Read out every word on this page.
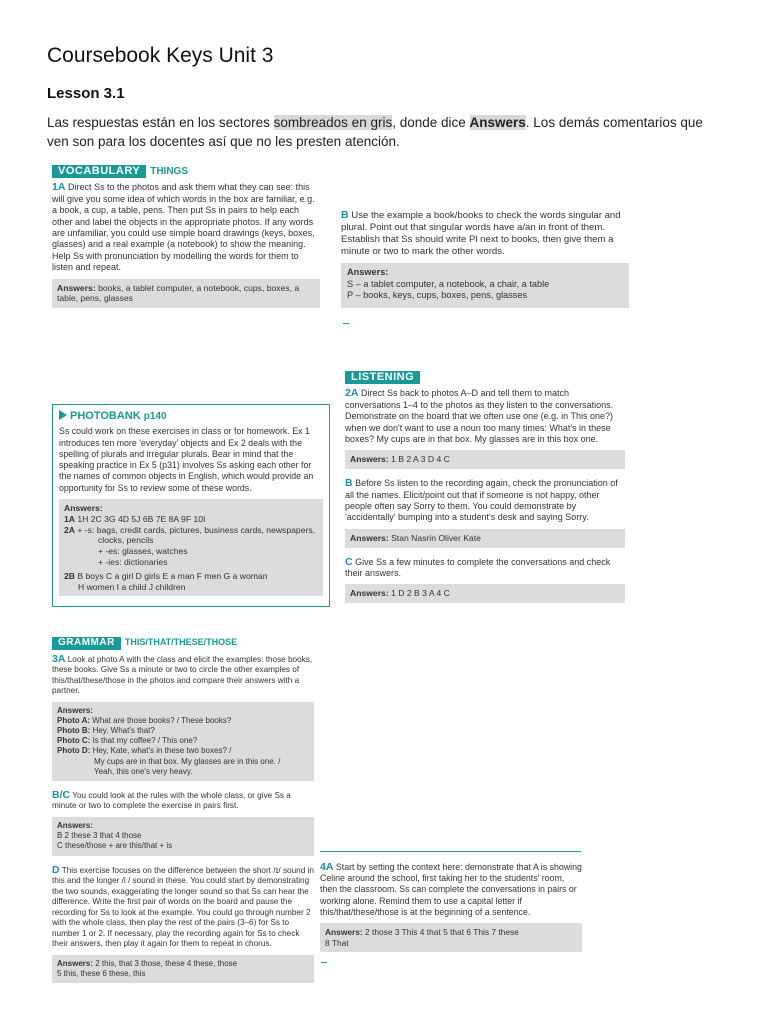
Coursebook Keys Unit 3
Lesson 3.1
Las respuestas están en los sectores sombreados en gris, donde dice Answers. Los demás comentarios que ven son para los docentes así que no les presten atención.
VOCABULARY THINGS
1A Direct Ss to the photos and ask them what they can see: this will give you some idea of which words in the box are familiar, e.g. a book, a cup, a table, pens. Then put Ss in pairs to help each other and label the objects in the appropriate photos. If any words are unfamiliar, you could use simple board drawings (keys, boxes, glasses) and a real example (a notebook) to show the meaning. Help Ss with pronunciation by modelling the words for them to listen and repeat.
Answers: books, a tablet computer, a notebook, cups, boxes, a table, pens, glasses
B Use the example a book/books to check the words singular and plural. Point out that singular words have a/an in front of them. Establish that Ss should write Pl next to books, then give them a minute or two to mark the other words.
Answers:
S – a tablet computer, a notebook, a chair, a table
P – books, keys, cups, boxes, pens, glasses
LISTENING
2A Direct Ss back to photos A–D and tell them to match conversations 1–4 to the photos as they listen to the conversations. Demonstrate on the board that we often use one (e.g. in This one?) when we don't want to use a noun too many times: What's in these boxes? My cups are in that box. My glasses are in this box one.
Answers: 1 B 2 A 3 D 4 C
B Before Ss listen to the recording again, check the pronunciation of all the names. Elicit/point out that if someone is not happy, other people often say Sorry to them. You could demonstrate by 'accidentally' bumping into a student's desk and saying Sorry.
Answers: Stan Nasrin Oliver Kate
C Give Ss a few minutes to complete the conversations and check their answers.
Answers: 1 D 2 B 3 A 4 C
PHOTOBANK p140
Ss could work on these exercises in class or for homework. Ex 1 introduces ten more 'everyday' objects and Ex 2 deals with the spelling of plurals and irregular plurals. Bear in mind that the speaking practice in Ex 5 (p31) involves Ss asking each other for the names of common objects in English, which would provide an opportunity for Ss to review some of these words.
Answers:
1A 1H 2C 3G 4D 5J 6B 7E 8A 9F 10I
2A + -s: bags, credit cards, pictures, business cards, newspapers,
clocks, pencils
+ -es: glasses, watches
+ -ies: dictionaries
2B B boys C a girl D girls E a man F men G a woman
H women I a child J children
GRAMMAR THIS/THAT/THESE/THOSE
3A Look at photo A with the class and elicit the examples: those books, these books. Give Ss a minute or two to circle the other examples of this/that/these/those in the photos and compare their answers with a partner.
Answers:
Photo A: What are those books? / These books?
Photo B: Hey. What's that?
Photo C: Is that my coffee? / This one?
Photo D: Hey, Kate, what's in these two boxes? /
My cups are in that box. My glasses are in this one. /
Yeah, this one's very heavy.
B/C You could look at the rules with the whole class, or give Ss a minute or two to complete the exercise in pairs first.
Answers:
B 2 these 3 that 4 those
C these/those + are this/that + is
D This exercise focuses on the difference between the short /ɪ/ sound in this and the longer /iː/ sound in these. You could start by demonstrating the two sounds, exaggerating the longer sound so that Ss can hear the difference. Write the first pair of words on the board and pause the recording for Ss to look at the example. You could go through number 2 with the whole class, then play the rest of the pairs (3–6) for Ss to number 1 or 2. If necessary, play the recording again for Ss to check their answers, then play it again for them to repeat in chorus.
Answers: 2 this, that 3 those, these 4 these, those
5 this, these 6 these, this
4A Start by setting the context here: demonstrate that A is showing Celine around the school, first taking her to the students' room, then the classroom. Ss can complete the conversations in pairs or working alone. Remind them to use a capital letter if this/that/these/those is at the beginning of a sentence.
Answers: 2 those 3 This 4 that 5 that 6 This 7 these
8 That
